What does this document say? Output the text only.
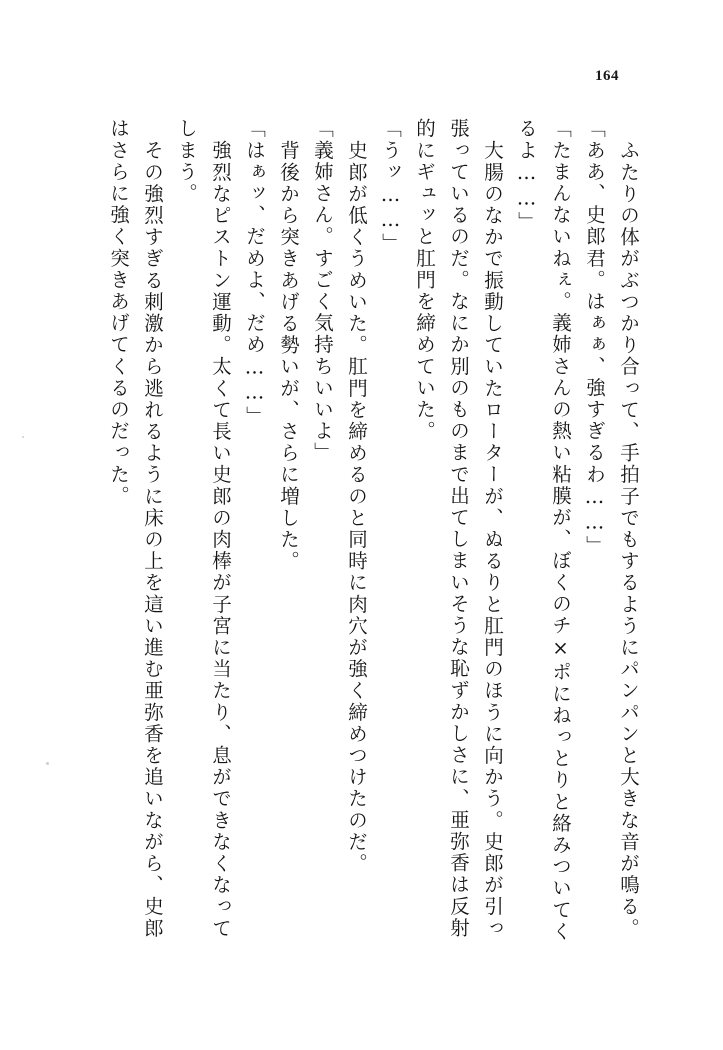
164
ふたりの体がぶつかり合って、手拍子でもするようにパンパンと大きな音が鳴る。
「ああ、史郎君。はぁぁ、強すぎるわ……」
「たまんないねぇ。義姉さんの熱い粘膜が、ぼくのチ×ポにねっとりと絡みついてく
るよ……」
大腸のなかで振動していたローターが、ぬるりと肛門のほうに向かう。史郎が引っ
張っているのだ。なにか別のものまで出てしまいそうな恥ずかしさに、亜弥香は反射
的にギュッと肛門を締めていた。
「うッ……」
史郎が低くうめいた。肛門を締めるのと同時に肉穴が強く締めつけたのだ。
「義姉さん。すごく気持ちいいよ」
背後から突きあげる勢いが、さらに増した。
「はぁッ、だめよ、だめ……」
強烈なピストン運動。太くて長い史郎の肉棒が子宮に当たり、息ができなくなって
しまう。
その強烈すぎる刺激から逃れるように床の上を這い進む亜弥香を追いながら、史郎
はさらに強く突きあげてくるのだった。
